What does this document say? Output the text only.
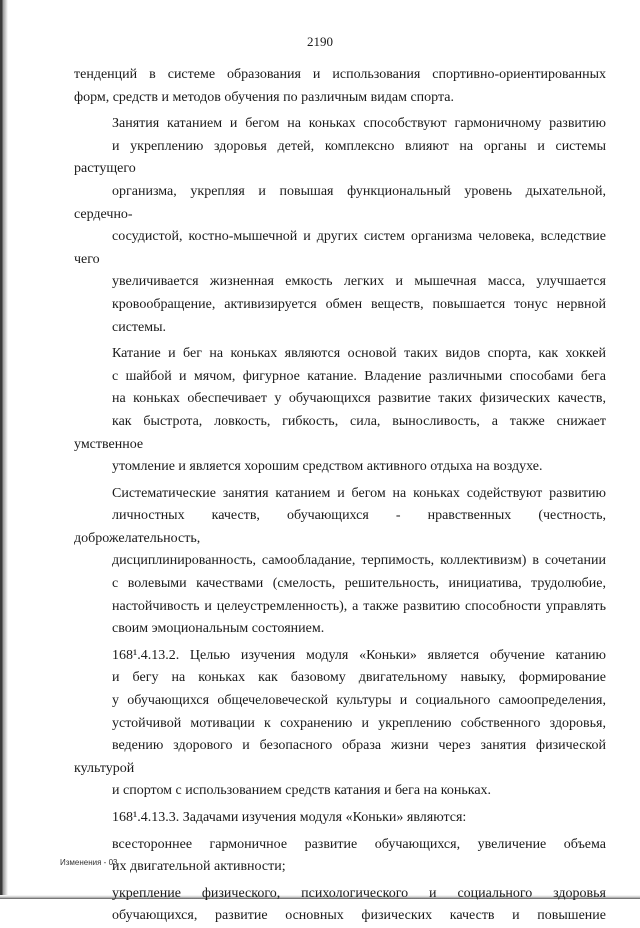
2190

тенденций в системе образования и использования спортивно-ориентированных
форм, средств и методов обучения по различным видам спорта.

Занятия катанием и бегом на коньках способствуют гармоничному развитию
и укреплению здоровья детей, комплексно влияют на органы и системы растущего
организма, укрепляя и повышая функциональный уровень дыхательной, сердечно-
сосудистой, костно-мышечной и других систем организма человека, вследствие чего
увеличивается жизненная емкость легких и мышечная масса, улучшается
кровообращение, активизируется обмен веществ, повышается тонус нервной
системы.

Катание и бег на коньках являются основой таких видов спорта, как хоккей
с шайбой и мячом, фигурное катание. Владение различными способами бега
на коньках обеспечивает у обучающихся развитие таких физических качеств,
как быстрота, ловкость, гибкость, сила, выносливость, а также снижает умственное
утомление и является хорошим средством активного отдыха на воздухе.

Систематические занятия катанием и бегом на коньках содействуют развитию
личностных качеств, обучающихся - нравственных (честность, доброжелательность,
дисциплинированность, самообладание, терпимость, коллективизм) в сочетании
с волевыми качествами (смелость, решительность, инициатива, трудолюбие,
настойчивость и целеустремленность), а также развитию способности управлять
своим эмоциональным состоянием.

168¹.4.13.2. Целью изучения модуля «Коньки» является обучение катанию
и бегу на коньках как базовому двигательному навыку, формирование
у обучающихся общечеловеческой культуры и социального самоопределения,
устойчивой мотивации к сохранению и укреплению собственного здоровья,
ведению здорового и безопасного образа жизни через занятия физической культурой
и спортом с использованием средств катания и бега на коньках.

168¹.4.13.3. Задачами изучения модуля «Коньки» являются:

всестороннее гармоничное развитие обучающихся, увеличение объема
их двигательной активности;

укрепление физического, психологического и социального здоровья
обучающихся, развитие основных физических качеств и повышение

Изменения - 03
